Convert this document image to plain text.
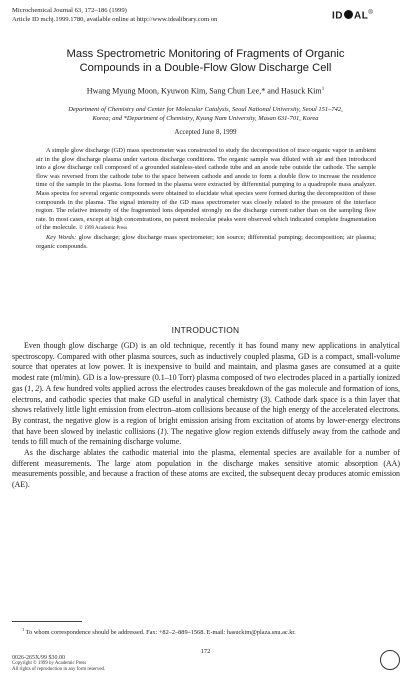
Microchemical Journal 63, 172–186 (1999)
Article ID mchj.1999.1780, available online at http://www.idealibrary.com on	ID AL®
Mass Spectrometric Monitoring of Fragments of Organic
Compounds in a Double-Flow Glow Discharge Cell
Hwang Myung Moon, Kyuwon Kim, Sang Chun Lee,* and Hasuck Kim$^1$
Department of Chemistry and Center for Molecular Catalysis, Seoul National University, Seoul 151–742,
Korea; and *Department of Chemistry, Kyung Nam University, Masan 631-701, Korea
Accepted June 8, 1999

A simple glow discharge (GD) mass spectrometer was constructed to study the decomposition of trace organic vapor in ambient air in the glow discharge plasma under various discharge conditions. The organic sample was diluted with air and then introduced into a glow discharge cell composed of a grounded stainless-steel cathode tube and an anode tube outside the cathode. The sample flow was reversed from the cathode tube to the space between cathode and anode to form a double flow to increase the residence time of the sample in the plasma. Ions formed in the plasma were extracted by differential pumping to a quadrupole mass analyzer. Mass spectra for several organic compounds were obtained to elucidate what species were formed during the decomposition of these compounds in the plasma. The signal intensity of the GD mass spectrometer was closely related to the pressure of the interface region. The relative intensity of the fragmented ions depended strongly on the discharge current rather than on the sampling flow rate. In most cases, except at high concentrations, no parent molecular peaks were observed which indicated complete fragmentation of the molecule. © 1999 Academic Press

Key Words: glow discharge; glow discharge mass spectrometer; ion source; differential pumping; decomposition; air plasma; organic compounds.

INTRODUCTION

Even though glow discharge (GD) is an old technique, recently it has found many new applications in analytical spectroscopy. Compared with other plasma sources, such as inductively coupled plasma, GD is a compact, small-volume source that operates at low power. It is inexpensive to build and maintain, and plasma gases are consumed at a quite modest rate (ml/min). GD is a low-pressure (0.1–10 Torr) plasma composed of two electrodes placed in a partially ionized gas (1, 2). A few hundred volts applied across the electrodes causes breakdown of the gas molecule and formation of ions, electrons, and cathodic species that make GD useful in analytical chemistry (3). Cathode dark space is a thin layer that shows relatively little light emission from electron–atom collisions because of the high energy of the accelerated electrons. By contrast, the negative glow is a region of bright emission arising from excitation of atoms by lower-energy electrons that have been slowed by inelastic collisions (1). The negative glow region extends diffusely away from the cathode and tends to fill much of the remaining discharge volume.

As the discharge ablates the cathodic material into the plasma, elemental species are available for a number of different measurements. The large atom population in the discharge makes sensitive atomic absorption (AA) measurements possible, and because a fraction of these atoms are excited, the subsequent decay produces atomic emission (AE).

$^1$ To whom correspondence should be addressed. Fax: +82–2–889–1568. E-mail: hasuckim@plaza.snu.ac.kr.
172
0026-265X/99 $30.00
Copyright © 1999 by Academic Press
All rights of reproduction in any form reserved.
